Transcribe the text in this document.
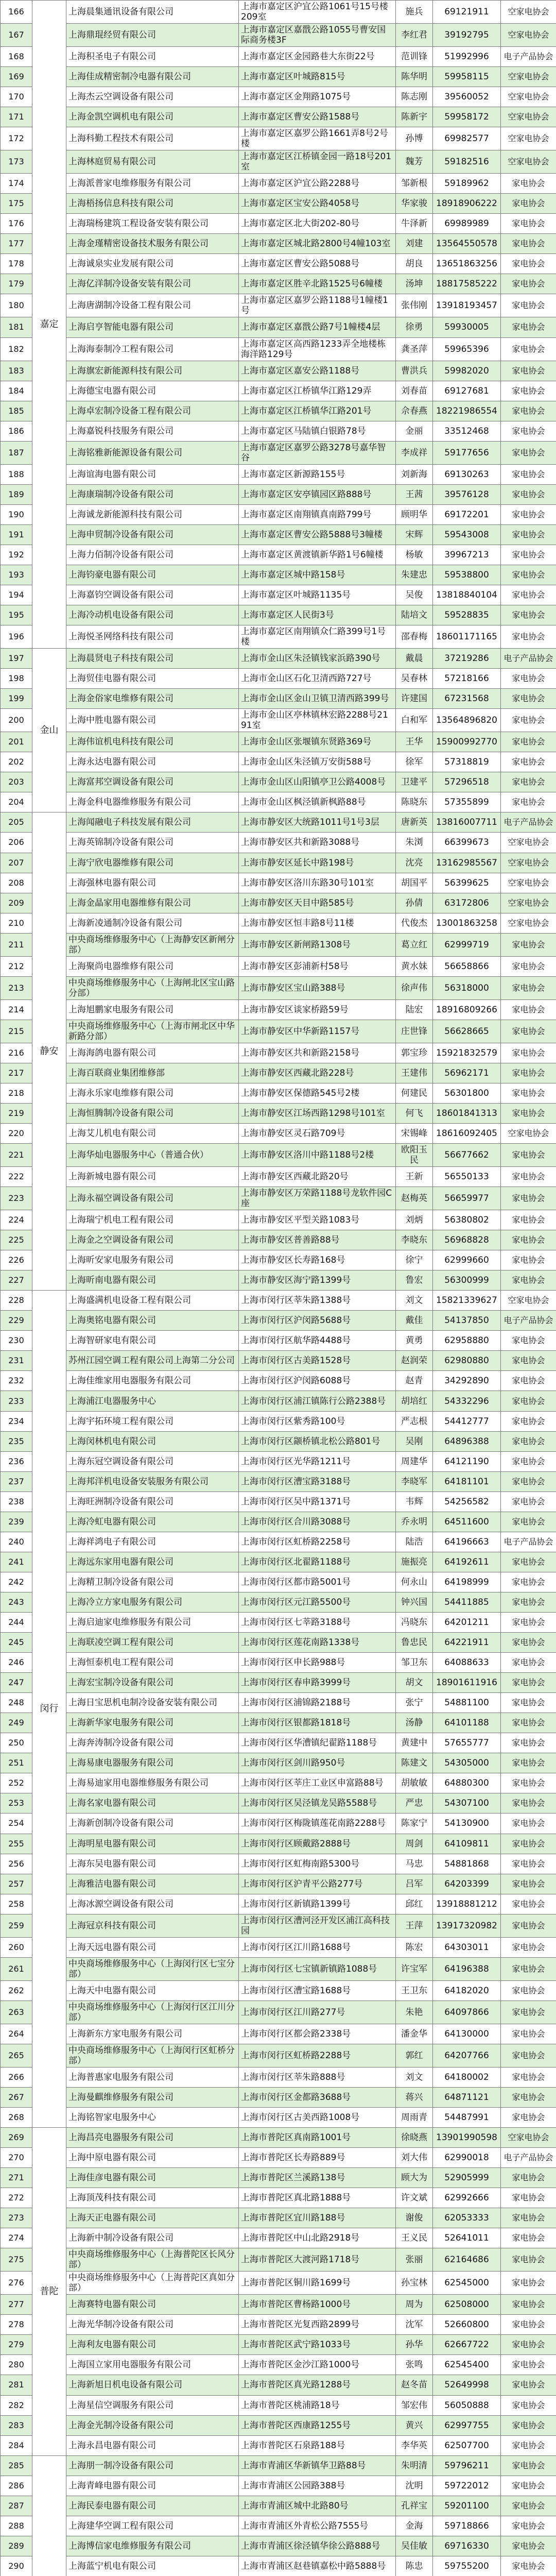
166	嘉定	上海晨集通讯设备有限公司	上海市嘉定区沪宜公路1061号15号楼209室	施兵	69121911	空家电协会
167		上海鼎琨经贸有限公司	上海市嘉定区嘉戬公路1055号曹安国际商务楼3F	李红君	39192795	空家电协会
168		上海积圣电子有限公司	上海市嘉定区金园路巷大东街22号	范训锋	51992996	电子产品协会
169		上海佳成精密制冷电器有限公司	上海市嘉定区叶城路815号	陈华明	59958115	空家电协会
170		上海杰云空调设备有限公司	上海市嘉定区金翔路1075号	陈志刚	39560052	空家电协会
171		上海金凯空调机电有限公司	上海市嘉定区曹安公路1588号	陈新宇	59958172	空家电协会
172		上海科勤工程技术有限公司	上海市嘉定区嘉罗公路1661弄8号2号楼	孙博	69982577	空家电协会
173		上海林庭贸易有限公司	上海市嘉定区江桥镇金园一路18号201室	魏芳	59182516	空家电协会
174		上海派普家电维修服务有限公司	上海市嘉定区沪宜公路2288号	邹新根	59189962	家电协会
175		上海梧扬信息科技有限公司	上海市嘉定区宝安公路4058号	华家骏	18918906222	家电协会
176		上海瑞杨建筑工程设备安装有限公司	上海市嘉定区北大街202-80号	牛泽新	69989989	家电协会
177		上海金瑾精密设备技术服务有限公司	上海市嘉定区城北路2800号4幢103室	刘建	13564550578	家电协会
178		上海诚泉实业发展有限公司	上海市嘉定区曹安公路5088号	胡良	13651863256	家电协会
179		上海亿洋制冷设备安装有限公司	上海市嘉定区胜辛北路1525号6幢楼	汤坤	18817585222	家电协会
180		上海唐湖制冷设备工程有限公司	上海市嘉定区嘉罗公路1188号1幢楼1号	张伟刚	13918193457	家电协会
181		上海启亨智能电器有限公司	上海市嘉定区嘉戬公路7号1幢楼4层	徐勇	59930005	家电协会
182		上海海泰制冷工程有限公司	上海市嘉定区高西路1233弄全地楼栋海洋路129号	龚圣萍	59965396	家电协会
183		上海旗宏新能源科技有限公司	上海市嘉定区嘉安公路1188号	曹洪兵	59982020	家电协会
184		上海德宝电器有限公司	上海市嘉定区江桥镇华江路129弄	刘春苗	69127681	家电协会
185		上海卓宏制冷设备工程有限公司	上海市嘉定区江桥镇华江路201号	佘春燕	18221986554	家电协会
186		上海嘉锐科技服务有限公司	上海市嘉定区马陆镇白银路78号	金丽	33512468	家电协会
187		上海铭雅新能源设备有限公司	上海市嘉定区嘉罗公路3278号嘉华智谷	李成祥	59177656	家电协会
188		上海谊海电器有限公司	上海市嘉定区新源路155号	刘新海	69130263	家电协会
189		上海康瑞制冷设备有限公司	上海市嘉定区安亭镇园区路888号	王茜	39576128	家电协会
190		上海诚龙新能源科技有限公司	上海市嘉定区南翔镇真南路799号	顾明华	69172201	家电协会
191		上海申贸制冷设备有限公司	上海市嘉定区曹安公路5888号3幢楼	宋辉	59543008	家电协会
192		上海力佰制冷设备有限公司	上海市嘉定区黄渡镇新华路1号6幢楼	杨敏	39967213	家电协会
193		上海钧豪电器有限公司	上海市嘉定区城中路158号	朱建忠	59538800	家电协会
194		上海嘉钧空调设备有限公司	上海市嘉定区叶城路1135号	吴俊	13818840104	家电协会
195		上海冷动机电设备有限公司	上海市嘉定区人民街3号	陆培文	59528835	家电协会
196		上海悦圣网络科技有限公司	上海市嘉定区南翔镇众仁路399号1号楼	邵春梅	18601171165	家电协会
197	金山	上海晨贤电子科技有限公司	上海市金山区朱泾镇钱家浜路390号	戴晨	37219286	电子产品协会
198		上海贸佳电器有限公司	上海市金山区石化卫清西路727号	吴春林	57218166	家电协会
199		上海金俗家电维修有限公司	上海市金山区金山卫镇卫清西路399号	许建国	67231568	家电协会
200		上海中胜电器有限公司	上海市金山区亭林镇林宏路2288号2191室	白和军	13564896820	家电协会
201		上海伟谊机电科技有限公司	上海市金山区张堰镇东贤路369号	王华	15900992770	家电协会
202		上海永达电器有限公司	上海市金山区朱泾镇万安街588号	徐军	57318819	家电协会
203		上海富邦空调设备有限公司	上海市金山区山阳镇亭卫公路4008号	卫建平	57296518	家电协会
204		上海金科电器维修服务有限公司	上海市金山区枫泾镇新枫路88号	陈晓东	57355899	家电协会
205	静安	上海闻融电子科技发展有限公司	上海市静安区大统路1011号1号3层	唐新英	13816007711	电子产品协会
206		上海英锦制冷设备有限公司	上海市静安区共和新路3088号	朱浏	66399673	空家电协会
207		上海宁欣电器维修有限公司	上海市静安区延长中路198号	沈亮	13162985567	空家电协会
208		上海强林电器有限公司	上海市静安区洛川东路30号101室	胡国平	56399625	空家电协会
209		上海金晶家用电器维修有限公司	上海市静安区天目中路585号	孙倩	63172806	空家电协会
210		上海新凌通制冷设备有限公司	上海市静安区恒丰路8号11楼	代俊杰	13001863258	空家电协会
211		中央商场维修服务中心（上海静安区新闸分部）	上海市静安区新闸路1308号	葛立红	62999719	家电协会
212		上海聚尚电器维修有限公司	上海市静安区彭浦新村58号	黄水妹	56658866	家电协会
213		中央商场维修服务中心（上海闸北区宝山路分部）	上海市静安区宝山路388号	徐声伟	56318000	家电协会
214		上海旭鹏家电服务有限公司	上海市静安区谈家桥路59号	陆宏	18916809266	家电协会
215		中央商场维修服务中心（上海市闸北区中华新路分部）	上海市静安区中华新路1157号	庄世锋	56628665	家电协会
216		上海海鸽电器有限公司	上海市静安区共和新路2158号	郭宝珍	15921832579	家电协会
217		上海百联商业集团维修部	上海市静安区西藏北路228号	王建伟	56962171	家电协会
218		上海永乐家电维修有限公司	上海市静安区保德路545号2楼	何建民	56301800	家电协会
219		上海恒腾制冷设备有限公司	上海市静安区江场西路1298号101室	何飞	18601841313	家电协会
220		上海艾儿机电有限公司	上海市静安区灵石路709号	宋锡峰	18616092405	空家电协会
221		上海华灿电器服务中心（普通合伙）	上海市静安区洛川中路1188号2楼	欧阳玉民	56677662	家电协会
222		上海新城电器有限公司	上海市静安区西藏北路20号	王新	56550133	家电协会
223		上海永福空调设备有限公司	上海市静安区万荣路1188号龙软件园C座	赵梅英	56659977	家电协会
224		上海瑞宁机电工程有限公司	上海市静安区平型关路1083号	刘炳	56380802	家电协会
225		上海金之空调设备有限公司	上海市静安区普善路88号	李晓东	56968828	家电协会
226		上海昕安家电服务有限公司	上海市静安区长寿路168号	徐宁	62999660	家电协会
227		上海昕南电器有限公司	上海市静安区海宁路1399号	鲁宏	56300999	家电协会
228	闵行	上海盛满机电设备工程有限公司	上海市闵行区莘朱路1388号	刘文	15821339627	空家电协会
229		上海奥铭电器有限公司	上海市闵行区沪闵路5688号	戴佳	54137850	电子产品协会
230		上海智研家电有限公司	上海市闵行区航华路4488号	黄勇	62958880	家电协会
231		苏州江园空调工程有限公司上海第二分公司	上海市闵行区古美路1528号	赵润荣	62980880	家电协会
232		上海佳维家用电器服务有限公司	上海市闵行区沪闵路6088号	赵青	34292890	家电协会
233		上海浦江电器服务中心	上海市闵行区浦江镇陈行公路2388号	胡培红	54332296	家电协会
234		上海宇拓环境工程有限公司	上海市闵行区紫秀路100号	严志根	54412777	家电协会
235		上海闵林机电有限公司	上海市闵行区颛桥镇北松公路801号	吴刚	64896388	家电协会
236		上海东冠空调设备有限公司	上海市闵行区光华路1211号	周建华	64121190	家电协会
237		上海邦洋机电设备安装服务有限公司	上海市闵行区漕宝路3188号	李晓军	64181101	家电协会
238		上海旺洲制冷设备有限公司	上海市闵行区吴中路1371号	韦辉	54256582	家电协会
239		上海冷虹电器有限公司	上海市闵行区合川路3088号	乔永明	64511600	家电协会
240		上海祥鸿电子有限公司	上海市闵行区虹桥路2258号	陆浩	64196663	电子产品协会
241		上海远东家用电器有限公司	上海市闵行区北翟路1188号	施振亮	64192611	家电协会
242		上海精卫制冷设备有限公司	上海市闵行区都市路5001号	何永山	64198999	家电协会
243		上海冷立方家电服务有限公司	上海市闵行区元江路5500号	钟兴国	54411885	家电协会
244		上海启迪家电维修服务有限公司	上海市闵行区七莘路3188号	冯晓东	64201211	家电协会
245		上海联凌空调工程有限公司	上海市闵行区莲花南路1338号	鲁忠民	64221911	家电协会
246		上海恒泰机电工程有限公司	上海市闵行区申长路988号	邹卫东	64088633	家电协会
247		上海宏宝制冷设备有限公司	上海市闵行区春申路3999号	胡文	18901611916	家电协会
248		上海日宝思机电制冷设备安装有限公司	上海市闵行区浦锦路2188号	张宁	54881100	家电协会
249		上海新华家电服务有限公司	上海市闵行区银都路1818号	汤静	64101188	家电协会
250		上海奔涛制冷设备有限公司	上海市闵行区华漕镇纪翟路1188号	黄建中	57655777	家电协会
251		上海易康电器服务有限公司	上海市闵行区剑川路950号	陈建文	54305000	家电协会
252		上海易迪家用电器维修服务有限公司	上海市闵行区莘庄工业区申富路88号	胡敏敏	64880300	家电协会
253		上海名家电器有限公司	上海市闵行区吴泾镇龙吴路5588号	严忠	54307100	家电协会
254		上海新创制冷设备有限公司	上海市闵行区梅陇镇莲花南路2288号	陈家宁	54130900	家电协会
255		上海明星电器有限公司	上海市闵行区顾戴路2888号	周剑	64109811	家电协会
256		上海东吴电器有限公司	上海市闵行区虹梅南路5300号	马忠	54881868	家电协会
257		上海雅洁电器有限公司	上海市闵行区沪青平公路277号	吕军	64203399	家电协会
258		上海冰源空调设备有限公司	上海市闵行区新镇路1399号	邱红	13918881212	家电协会
259		上海冠京科技有限公司	上海市闵行区漕河泾开发区浦江高科技园	王萍	13917320982	家电协会
260		上海天远电器有限公司	上海市闵行区江川路1688号	陈宏	64303011	家电协会
261		中央商场维修服务中心（上海闵行区七宝分部）	上海市闵行区七宝镇新镇路1088号	许宝军	64196388	家电协会
262		上海天中电器有限公司	上海市闵行区漕宝路1688号	王卫东	64182020	家电协会
263		中央商场维修服务中心（上海闵行区江川分部）	上海市闵行区江川路277号	朱艳	64097866	家电协会
264		上海新东方家电服务有限公司	上海市闵行区都会路2338号	潘金华	64130000	家电协会
265		中央商场维修服务中心（上海闵行区虹桥分部）	上海市闵行区虹桥路2288号	郭红	64207766	家电协会
266		上海普惠家电服务有限公司	上海市闵行区莘朱路888号	刘文	64180002	家电协会
267		上海曼麒维修服务有限公司	上海市闵行区金都路3688号	蒋兴	64871121	家电协会
268		上海铭智家电服务中心	上海市闵行区古美西路1008号	周雨青	54487991	家电协会
269	普陀	上海昌亮电器服务有限公司	上海市普陀区真南路1001号	徐晓燕	13901990598	空家电协会
270		上海中原电器有限公司	上海市普陀区长寿路889号	刘大伟	62990018	电子产品协会
271		上海佳彦电器有限公司	上海市普陀区兰溪路138号	顾大为	52905999	家电协会
272		上海顶茂科技有限公司	上海市普陀区真北路1888号	许文斌	62992666	家电协会
273		上海天正电器有限公司	上海市普陀区宜川路188号	谢俊	62053333	家电协会
274		上海新中制冷设备有限公司	上海市普陀区中山北路2918号	王义民	52641011	家电协会
275		中央商场维修服务中心（上海普陀区长风分部）	上海市普陀区大渡河路1718号	张丽	62164686	家电协会
276		中央商场维修服务中心（上海普陀区真如分部）	上海市普陀区铜川路1699号	孙宝林	62545000	家电协会
277		上海赛特电器有限公司	上海市普陀区曹杨路1000号	周为	62508000	家电协会
278		上海光华制冷设备有限公司	上海市普陀区光复西路2899号	沈军	52660800	家电协会
279		上海利友电器有限公司	上海市普陀区武宁路1033号	孙华	62667722	家电协会
280		上海国立家用电器服务有限公司	上海市普陀区金沙江路1000号	张鸣	62545400	家电协会
281		上海新旭日机电设备有限公司	上海市普陀区真光路1288号	赵冬苗	52649998	家电协会
282		上海星信空调服务有限公司	上海市普陀区桃浦路18号	邹宏伟	56050888	家电协会
283		上海金光制冷设备有限公司	上海市普陀区西康路1255号	黄兴	62997755	家电协会
284		上海永昌电器有限公司	上海市普陀区石泉路188号	李华英	62507700	家电协会
285		上海朋一制冷设备有限公司	上海市青浦区华新镇华卫路88号	朱明清	59796211	家电协会
286		上海青峰电器有限公司	上海市青浦区公园路388号	沈明	59722012	家电协会
287		上海民泰电器有限公司	上海市青浦区城中北路80号	孔祥宝	59201100	家电协会
288		上海建华空调工程有限公司	上海市青浦区外青松公路7555号	金海	59718866	家电协会
289		上海博信家电维修服务有限公司	上海市青浦区徐泾镇华徐公路888号	吴佳敏	69716330	家电协会
290		上海蓝宁机电有限公司	上海市青浦区赵巷镇嘉松中路5888号	陈忠	59755200	家电协会
